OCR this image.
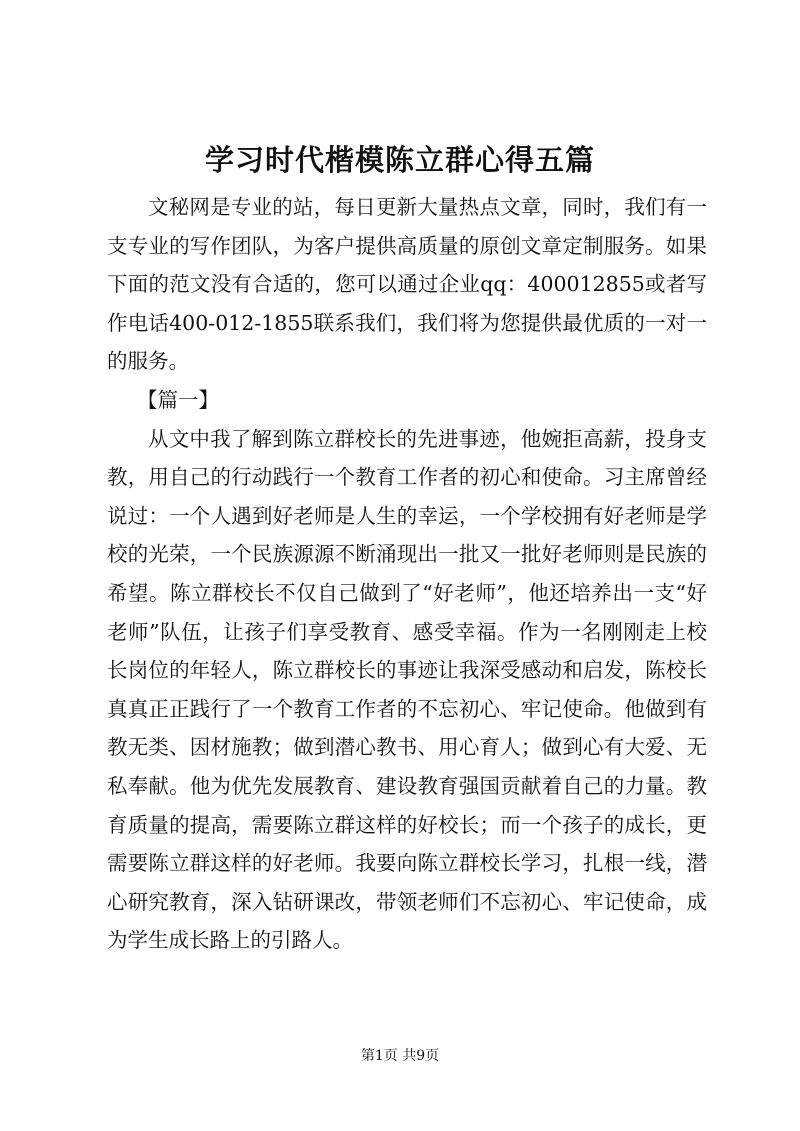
学习时代楷模陈立群心得五篇

文秘网是专业的站，每日更新大量热点文章，同时，我们有一支专业的写作团队，为客户提供高质量的原创文章定制服务。如果下面的范文没有合适的，您可以通过企业qq：400012855或者写作电话400-012-1855联系我们，我们将为您提供最优质的一对一的服务。

【篇一】

从文中我了解到陈立群校长的先进事迹，他婉拒高薪，投身支教，用自己的行动践行一个教育工作者的初心和使命。习主席曾经说过：一个人遇到好老师是人生的幸运，一个学校拥有好老师是学校的光荣，一个民族源源不断涌现出一批又一批好老师则是民族的希望。陈立群校长不仅自己做到了“好老师”，他还培养出一支“好老师”队伍，让孩子们享受教育、感受幸福。作为一名刚刚走上校长岗位的年轻人，陈立群校长的事迹让我深受感动和启发，陈校长真真正正践行了一个教育工作者的不忘初心、牢记使命。他做到有教无类、因材施教；做到潜心教书、用心育人；做到心有大爱、无私奉献。他为优先发展教育、建设教育强国贡献着自己的力量。教育质量的提高，需要陈立群这样的好校长；而一个孩子的成长，更需要陈立群这样的好老师。我要向陈立群校长学习，扎根一线，潜心研究教育，深入钻研课改，带领老师们不忘初心、牢记使命，成为学生成长路上的引路人。

第1页 共9页
